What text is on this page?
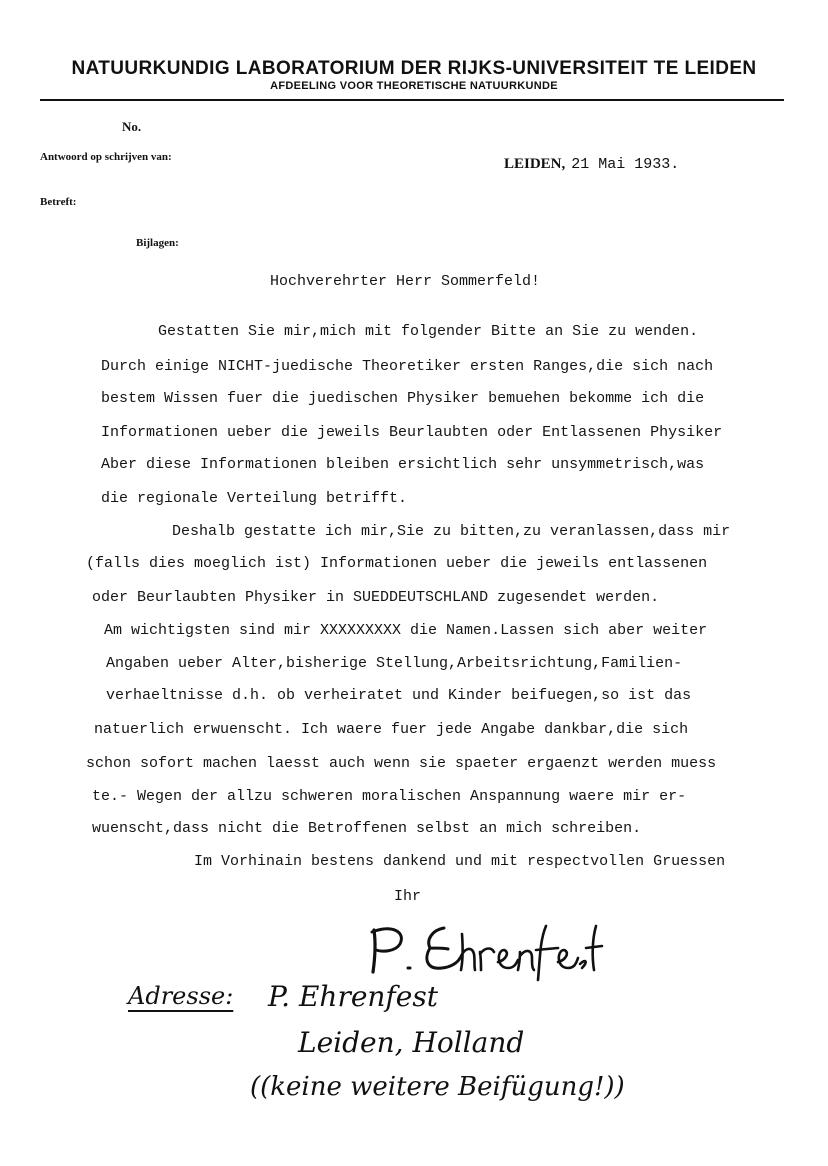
NATUURKUNDIG LABORATORIUM DER RIJKS-UNIVERSITEIT TE LEIDEN
AFDEELING VOOR THEORETISCHE NATUURKUNDE
No.
Antwoord op schrijven van:
Betreft:
Bijlagen:
LEIDEN, 21 Mai 1933.
Hochverehrter Herr Sommerfeld!
Gestatten Sie mir,mich mit folgender Bitte an Sie zu wenden.
Durch einige NICHT-juedische Theoretiker ersten Ranges,die sich nach
bestem Wissen fuer die juedischen Physiker bemuehen bekomme ich die
Informationen ueber die jeweils Beurlaubten oder Entlassenen Physiker
Aber diese Informationen bleiben ersichtlich sehr unsymmetrisch,was
die regionale Verteilung betrifft.
Deshalb gestatte ich mir,Sie zu bitten,zu veranlassen,dass mir
(falls dies moeglich ist) Informationen ueber die jeweils entlassenen
oder Beurlaubten Physiker in SUEDDEUTSCHLAND zugesendet werden.
Am wichtigsten sind mir XXXXXXXXX die Namen.Lassen sich aber weiter
Angaben ueber Alter,bisherige Stellung,Arbeitsrichtung,Familien-
verhaeltnisse d.h. ob verheiratet und Kinder beifuegen,so ist das
natuerlich erwuenscht. Ich waere fuer jede Angabe dankbar,die sich
schon sofort machen laesst auch wenn sie spaeter ergaenzt werden muess
te.- Wegen der allzu schweren moralischen Anspannung waere mir er-
wuenscht,dass nicht die Betroffenen selbst an mich schreiben.
Im Vorhinain bestens dankend und mit respectvollen Gruessen
Ihr
Adresse: P. Ehrenfest
Leiden, Holland
((keine weitere Beifügung!))
